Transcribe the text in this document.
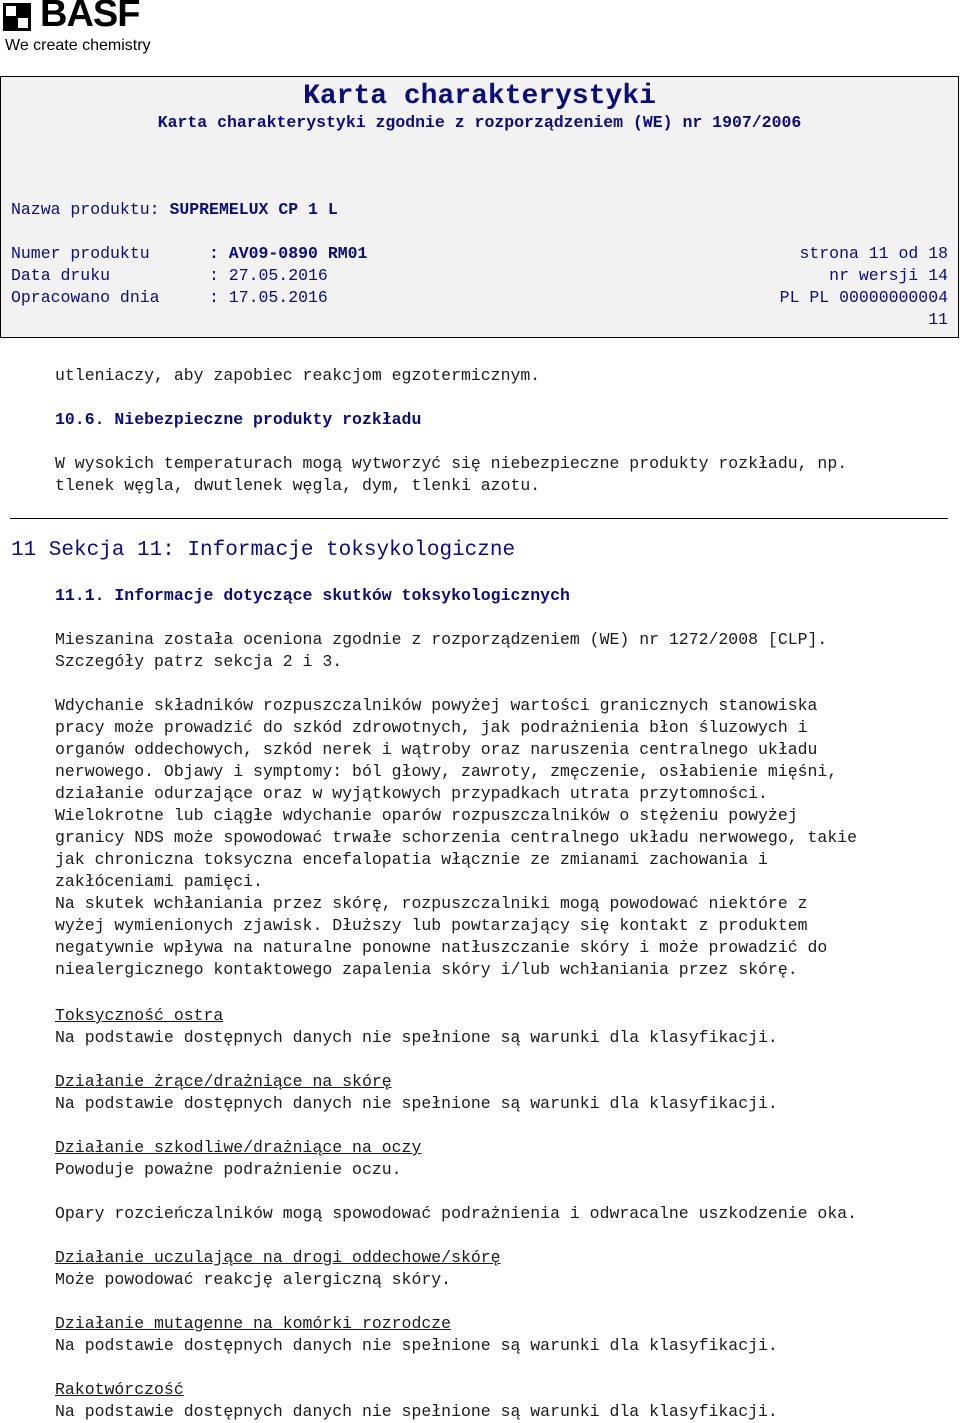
BASF
We create chemistry
Karta charakterystyki
Karta charakterystyki zgodnie z rozporządzeniem (WE) nr 1907/2006
Nazwa produktu: SUPREMELUX CP 1 L
Numer produktu	: AV09-0890 RM01	strona 11 od 18
Data druku	: 27.05.2016	nr wersji 14
Opracowano dnia	: 17.05.2016	PL PL 00000000004
11
utleniaczy, aby zapobiec reakcjom egzotermicznym.
10.6. Niebezpieczne produkty rozkładu
W wysokich temperaturach mogą wytworzyć się niebezpieczne produkty rozkładu, np.
tlenek węgla, dwutlenek węgla, dym, tlenki azotu.
11 Sekcja 11: Informacje toksykologiczne
11.1. Informacje dotyczące skutków toksykologicznych
Mieszanina została oceniona zgodnie z rozporządzeniem (WE) nr 1272/2008 [CLP].
Szczegóły patrz sekcja 2 i 3.
Wdychanie składników rozpuszczalników powyżej wartości granicznych stanowiska
pracy może prowadzić do szkód zdrowotnych, jak podrażnienia błon śluzowych i
organów oddechowych, szkód nerek i wątroby oraz naruszenia centralnego układu
nerwowego. Objawy i symptomy: ból głowy, zawroty, zmęczenie, osłabienie mięśni,
działanie odurzające oraz w wyjątkowych przypadkach utrata przytomności.
Wielokrotne lub ciągłe wdychanie oparów rozpuszczalników o stężeniu powyżej
granicy NDS może spowodować trwałe schorzenia centralnego układu nerwowego, takie
jak chroniczna toksyczna encefalopatia włącznie ze zmianami zachowania i
zakłóceniami pamięci.
Na skutek wchłaniania przez skórę, rozpuszczalniki mogą powodować niektóre z
wyżej wymienionych zjawisk. Dłuższy lub powtarzający się kontakt z produktem
negatywnie wpływa na naturalne ponowne natłuszczanie skóry i może prowadzić do
niealergicznego kontaktowego zapalenia skóry i/lub wchłaniania przez skórę.
Toksyczność ostra
Na podstawie dostępnych danych nie spełnione są warunki dla klasyfikacji.
Działanie żrące/drażniące na skórę
Na podstawie dostępnych danych nie spełnione są warunki dla klasyfikacji.
Działanie szkodliwe/drażniące na oczy
Powoduje poważne podrażnienie oczu.
Opary rozcieńczalników mogą spowodować podrażnienia i odwracalne uszkodzenie oka.
Działanie uczulające na drogi oddechowe/skórę
Może powodować reakcję alergiczną skóry.
Działanie mutagenne na komórki rozrodcze
Na podstawie dostępnych danych nie spełnione są warunki dla klasyfikacji.
Rakotwórczość
Na podstawie dostępnych danych nie spełnione są warunki dla klasyfikacji.
